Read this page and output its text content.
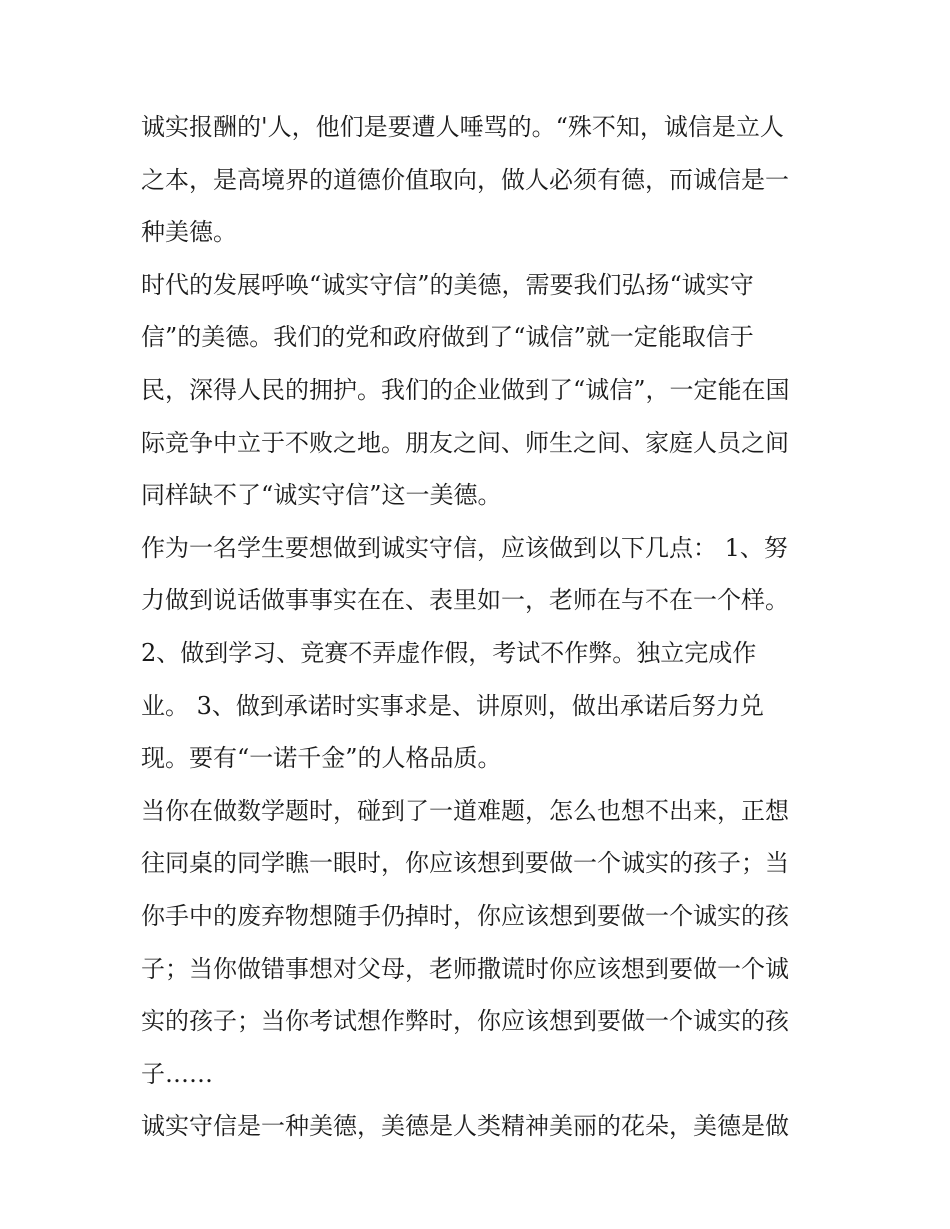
诚实报酬的'人，他们是要遭人唾骂的。“殊不知，诚信是立人
之本，是高境界的道德价值取向，做人必须有德，而诚信是一
种美德。
时代的发展呼唤“诚实守信”的美德，需要我们弘扬“诚实守
信”的美德。我们的党和政府做到了“诚信”就一定能取信于
民，深得人民的拥护。我们的企业做到了“诚信”，一定能在国
际竞争中立于不败之地。朋友之间、师生之间、家庭人员之间
同样缺不了“诚实守信”这一美德。
作为一名学生要想做到诚实守信，应该做到以下几点： 1、努
力做到说话做事事实在在、表里如一，老师在与不在一个样。
2、做到学习、竞赛不弄虚作假，考试不作弊。独立完成作
业。 3、做到承诺时实事求是、讲原则，做出承诺后努力兑
现。要有“一诺千金”的人格品质。
当你在做数学题时，碰到了一道难题，怎么也想不出来，正想
往同桌的同学瞧一眼时，你应该想到要做一个诚实的孩子；当
你手中的废弃物想随手仍掉时，你应该想到要做一个诚实的孩
子；当你做错事想对父母，老师撒谎时你应该想到要做一个诚
实的孩子；当你考试想作弊时，你应该想到要做一个诚实的孩
子……
诚实守信是一种美德，美德是人类精神美丽的花朵，美德是做
